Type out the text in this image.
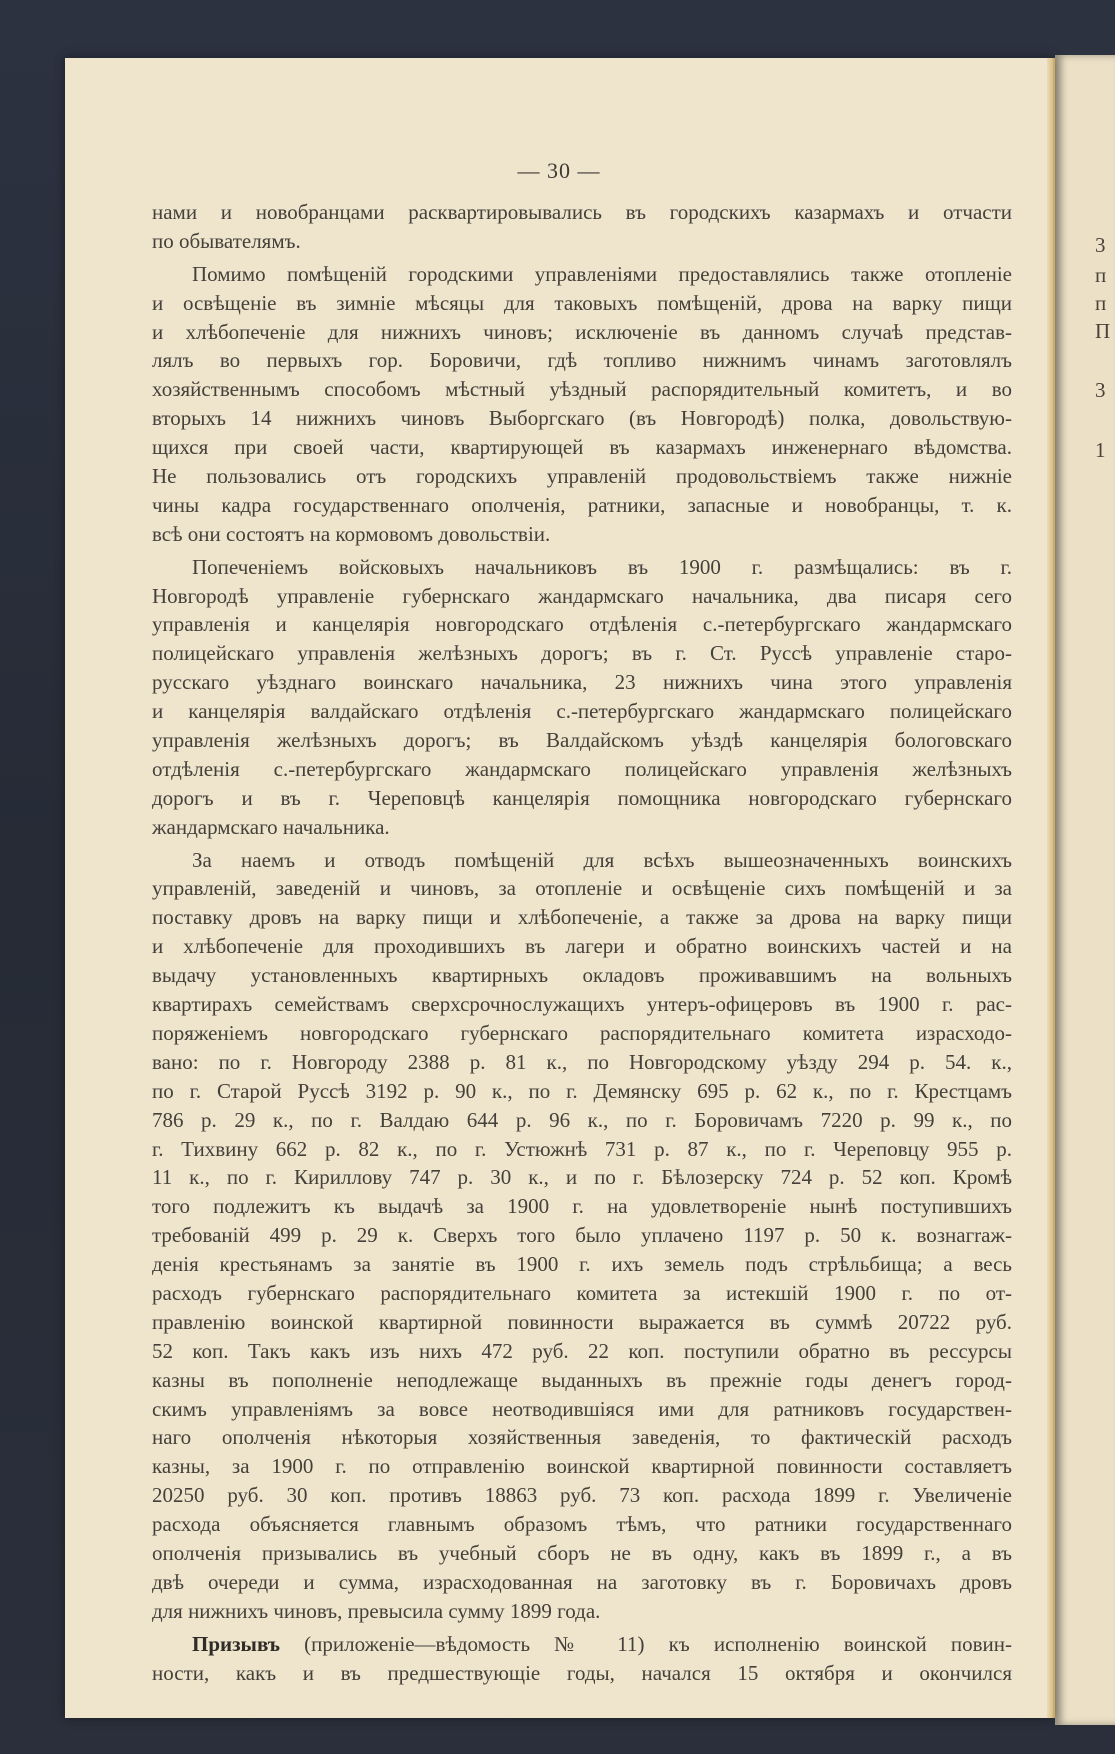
3
п
п
П
3
1
— 30 —
нами и новобранцами расквартировывались въ городскихъ казармахъ и отчасти
по обывателямъ.
Помимо помѣщенiй городскими управленiями предоставлялись также отопленiе
и освѣщенiе въ зимнiе мѣсяцы для таковыхъ помѣщенiй, дрова на варку пищи
и хлѣбопеченiе для нижнихъ чиновъ; исключенiе въ данномъ случаѣ представ-
лялъ во первыхъ гор. Боровичи, гдѣ топливо нижнимъ чинамъ заготовлялъ
хозяйственнымъ способомъ мѣстный уѣздный распорядительный комитетъ, и во
вторыхъ 14 нижнихъ чиновъ Выборгскаго (въ Новгородѣ) полка, довольствую-
щихся при своей части, квартирующей въ казармахъ инженернаго вѣдомства.
Не пользовались отъ городскихъ управленiй продовольствiемъ также нижнiе
чины кадра государственнаго ополченiя, ратники, запасные и новобранцы, т. к.
всѣ они состоятъ на кормовомъ довольствiи.
Попеченiемъ войсковыхъ начальниковъ въ 1900 г. размѣщались: въ г.
Новгородѣ управленiе губернскаго жандармскаго начальника, два писаря сего
управленiя и канцелярiя новгородскаго отдѣленiя с.-петербургскаго жандармскаго
полицейскаго управленiя желѣзныхъ дорогъ; въ г. Ст. Руссѣ управленiе старо-
русскаго уѣзднаго воинскаго начальника, 23 нижнихъ чина этого управленiя
и канцелярiя валдайскаго отдѣленiя с.-петербургскаго жандармскаго полицейскаго
управленiя желѣзныхъ дорогъ; въ Валдайскомъ уѣздѣ канцелярiя бологовскаго
отдѣленiя с.-петербургскаго жандармскаго полицейскаго управленiя желѣзныхъ
дорогъ и въ г. Череповцѣ канцелярiя помощника новгородскаго губернскаго
жандармскаго начальника.
За наемъ и отводъ помѣщенiй для всѣхъ вышеозначенныхъ воинскихъ
управленiй, заведенiй и чиновъ, за отопленiе и освѣщенiе сихъ помѣщенiй и за
поставку дровъ на варку пищи и хлѣбопеченiе, а также за дрова на варку пищи
и хлѣбопеченiе для проходившихъ въ лагери и обратно воинскихъ частей и на
выдачу установленныхъ квартирныхъ окладовъ проживавшимъ на вольныхъ
квартирахъ семействамъ сверхсрочнослужащихъ унтеръ-офицеровъ въ 1900 г. рас-
поряженiемъ новгородскаго губернскаго распорядительнаго комитета израсходо-
вано: по г. Новгороду 2388 р. 81 к., по Новгородскому уѣзду 294 р. 54. к.,
по г. Старой Руссѣ 3192 р. 90 к., по г. Демянску 695 р. 62 к., по г. Крестцамъ
786 р. 29 к., по г. Валдаю 644 р. 96 к., по г. Боровичамъ 7220 р. 99 к., по
г. Тихвину 662 р. 82 к., по г. Устюжнѣ 731 р. 87 к., по г. Череповцу 955 р.
11 к., по г. Кириллову 747 р. 30 к., и по г. Бѣлозерску 724 р. 52 коп. Кромѣ
того подлежитъ къ выдачѣ за 1900 г. на удовлетворенiе нынѣ поступившихъ
требованiй 499 р. 29 к. Сверхъ того было уплачено 1197 р. 50 к. вознагraж-
денiя крестьянамъ за занятiе въ 1900 г. ихъ земель подъ стрѣльбища; а весь
расходъ губернскаго распорядительнаго комитета за истекшiй 1900 г. по от-
правленiю воинской квартирной повинности выражается въ суммѣ 20722 руб.
52 коп. Такъ какъ изъ нихъ 472 руб. 22 коп. поступили обратно въ рессурсы
казны въ пополненiе неподлежаще выданныхъ въ прежнiе годы денегъ город-
скимъ управленiямъ за вовсе неотводившiяся ими для ратниковъ государствен-
наго ополченiя нѣкоторыя хозяйственныя заведенiя, то фактическiй расходъ
казны, за 1900 г. по отправленiю воинской квартирной повинности составляетъ
20250 руб. 30 коп. противъ 18863 руб. 73 коп. расхода 1899 г. Увеличенiе
расхода объясняется главнымъ образомъ тѣмъ, что ратники государственнаго
ополченiя призывались въ учебный сборъ не въ одну, какъ въ 1899 г., а въ
двѣ очереди и сумма, израсходованная на заготовку въ г. Боровичахъ дровъ
для нижнихъ чиновъ, превысила сумму 1899 года.
Призывъ (приложенiе—вѣдомость № 11) къ исполненiю воинской повин-
ности, какъ и въ предшествующiе годы, начался 15 октября и окончился
